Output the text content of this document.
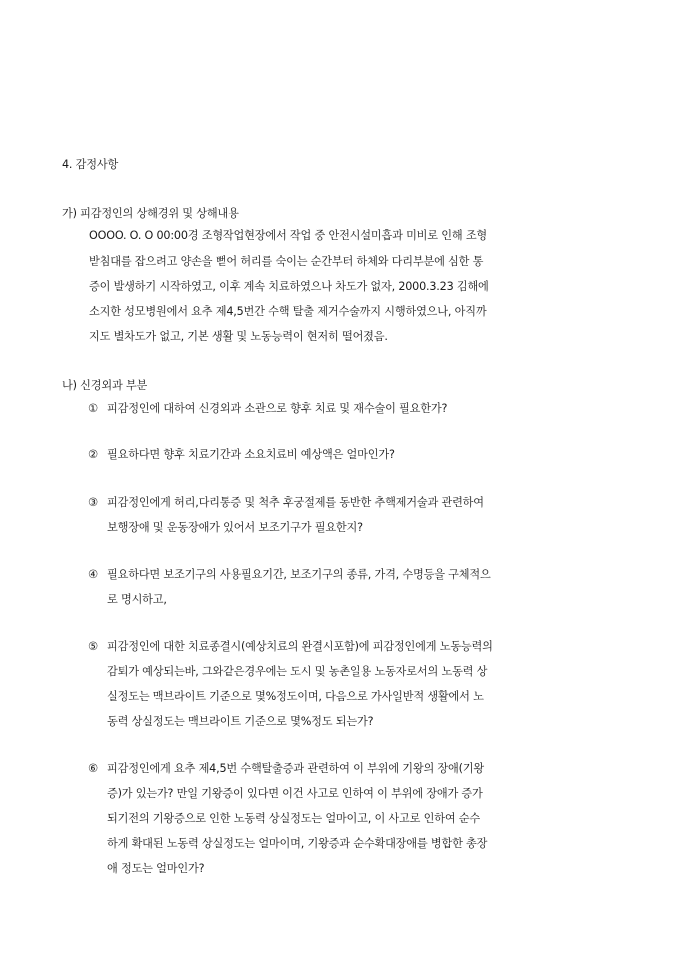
4. 감정사항
가) 피감정인의 상해경위 및 상해내용
OOOO. O. O 00:00경 조형작업현장에서 작업 중 안전시설미흡과 미비로 인해 조형
받침대를 잡으려고 양손을 뻗어 허리를 숙이는 순간부터 하체와 다리부분에 심한 통
증이 발생하기 시작하였고, 이후 계속 치료하였으나 차도가 없자, 2000.3.23 김해에
소지한 성모병원에서 요추 제4,5번간 수핵 탈출 제거수술까지 시행하였으나, 아직까
지도 별차도가 없고, 기본 생활 및 노동능력이 현저히 떨어졌음.
나) 신경외과 부분
① 피감정인에 대하여 신경외과 소관으로 향후 치료 및 재수술이 필요한가?
② 필요하다면 향후 치료기간과 소요치료비 예상액은 얼마인가?
③ 피감정인에게 허리,다리통증 및 척추 후궁절제를 동반한 추핵제거술과 관련하여
보행장애 및 운동장애가 있어서 보조기구가 필요한지?
④ 필요하다면 보조기구의 사용필요기간, 보조기구의 종류, 가격, 수명등을 구체적으
로 명시하고,
⑤ 피감정인에 대한 치료종결시(예상치료의 완결시포함)에 피감정인에게 노동능력의
감퇴가 예상되는바, 그와같은경우에는 도시 및 농촌일용 노동자로서의 노동력 상
실정도는 맥브라이트 기준으로 몇%정도이며, 다음으로 가사일반적 생활에서 노
동력 상실정도는 맥브라이트 기준으로 몇%정도 되는가?
⑥ 피감정인에게 요추 제4,5번 수핵탈출증과 관련하여 이 부위에 기왕의 장애(기왕
증)가 있는가? 만일 기왕증이 있다면 이건 사고로 인하여 이 부위에 장애가 증가
되기전의 기왕증으로 인한 노동력 상실정도는 얼마이고, 이 사고로 인하여 순수
하게 확대된 노동력 상실정도는 얼마이며, 기왕증과 순수확대장애를 병합한 총장
애 정도는 얼마인가?
